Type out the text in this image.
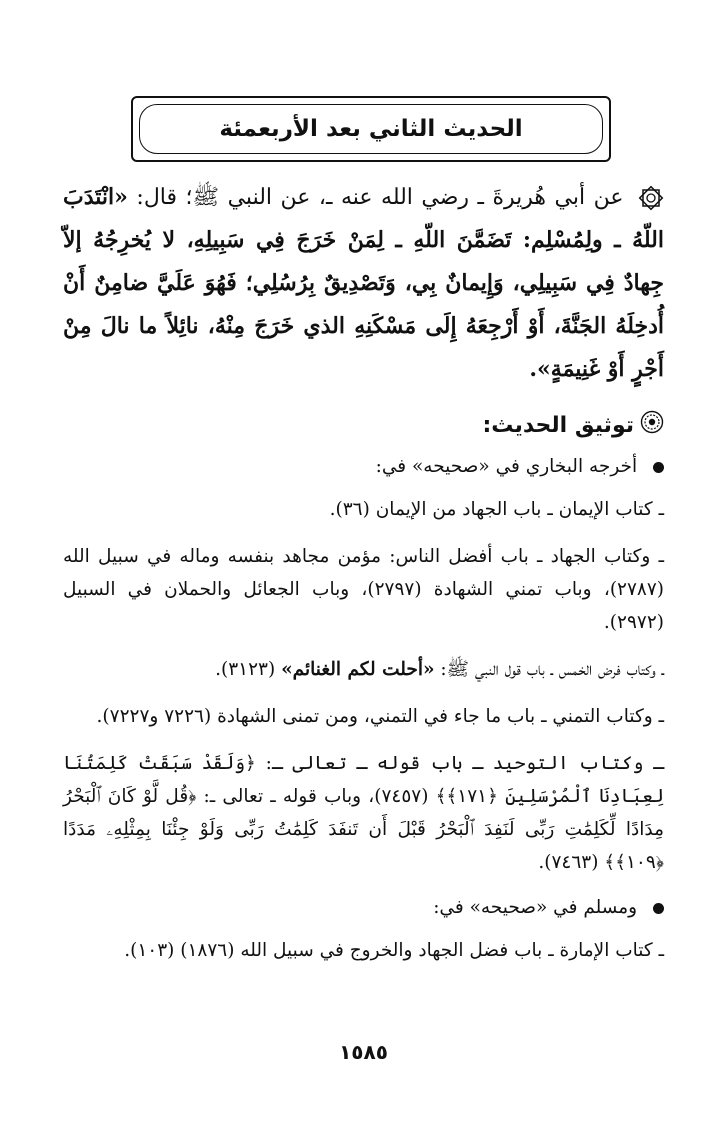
الحديث الثاني بعد الأربعمئة

عن أبي هُريرةَ ـ رضي الله عنه ـ، عن النبي ﷺ؛ قال: «انْتَدَبَ اللّهُ ـ ولِمُسْلِم: تَضَمَّنَ اللّهِ ـ لِمَنْ خَرَجَ فِي سَبِيلِهِ، لا يُخرِجُهُ إلاّ جِهادٌ فِي سَبِيلِي، وَإِيمانٌ بِي، وَتَصْدِيقٌ بِرُسُلِي؛ فَهُوَ عَلَيَّ ضامِنٌ أَنْ أُدخِلَهُ الجَنَّةَ، أَوْ أَرْجِعَهُ إِلَى مَسْكَنِهِ الذي خَرَجَ مِنْهُ، نائِلاً ما نالَ مِنْ أَجْرٍ أَوْ غَنِيمَةٍ».

توثيق الحديث:

أخرجه البخاري في «صحيحه» في:

ـ كتاب الإيمان ـ باب الجهاد من الإيمان (٣٦).

ـ وكتاب الجهاد ـ باب أفضل الناس: مؤمن مجاهد بنفسه وماله في سبيل الله (٢٧٨٧)، وباب تمني الشهادة (٢٧٩٧)، وباب الجعائل والحملان في السبيل (٢٩٧٢).

ـ وكتاب فرض الخمس ـ باب قول النبي ﷺ: «أحلت لكم الغنائم» (٣١٢٣).

ـ وكتاب التمني ـ باب ما جاء في التمني، ومن تمنى الشهادة (٧٢٢٦ و٧٢٢٧).

ـ وكتاب التوحيد ـ باب قوله ـ تعالى ـ: ﴿وَلَقَدْ سَبَقَتْ كَلِمَتُنَا لِعِبَادِنَا ٱلْمُرْسَلِينَ ﴿١٧١﴾﴾ (٧٤٥٧)، وباب قوله ـ تعالى ـ: ﴿قُل لَّوْ كَانَ ٱلْبَحْرُ مِدَادًا لِّكَلِمَٰتِ رَبِّى لَنَفِدَ ٱلْبَحْرُ قَبْلَ أَن تَنفَدَ كَلِمَٰتُ رَبِّى وَلَوْ جِئْنَا بِمِثْلِهِۦ مَدَدًا ﴿١٠٩﴾﴾ (٧٤٦٣).

ومسلم في «صحيحه» في:

ـ كتاب الإمارة ـ باب فضل الجهاد والخروج في سبيل الله (١٨٧٦) (١٠٣).

١٥٨٥
